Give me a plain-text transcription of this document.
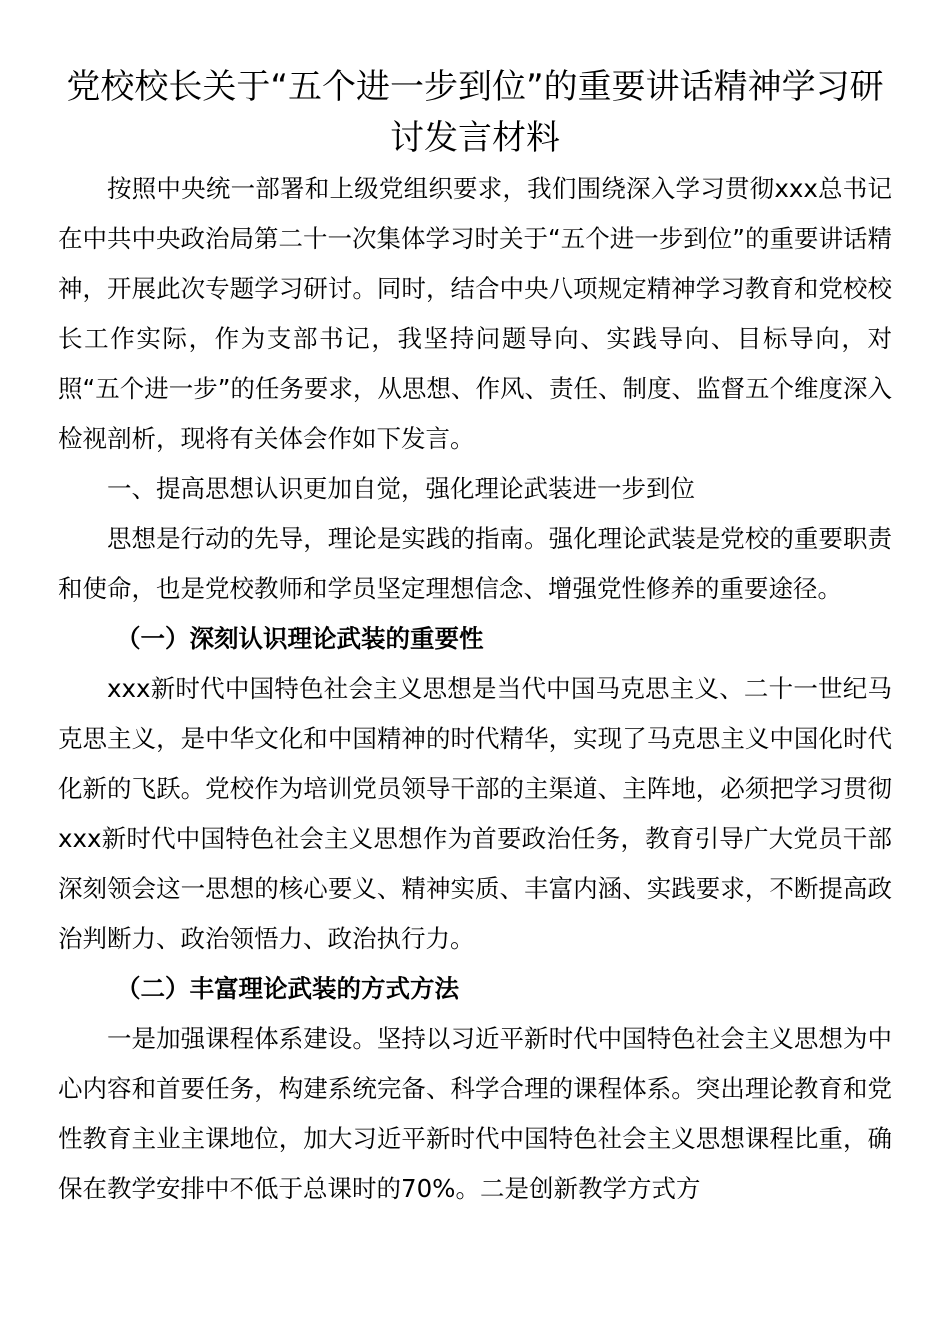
党校校长关于“五个进一步到位”的重要讲话精神学习研讨发言材料

按照中央统一部署和上级党组织要求，我们围绕深入学习贯彻xxx总书记在中共中央政治局第二十一次集体学习时关于“五个进一步到位”的重要讲话精神，开展此次专题学习研讨。同时，结合中央八项规定精神学习教育和党校校长工作实际，作为支部书记，我坚持问题导向、实践导向、目标导向，对照“五个进一步”的任务要求，从思想、作风、责任、制度、监督五个维度深入检视剖析，现将有关体会作如下发言。

一、提高思想认识更加自觉，强化理论武装进一步到位

思想是行动的先导，理论是实践的指南。强化理论武装是党校的重要职责和使命，也是党校教师和学员坚定理想信念、增强党性修养的重要途径。

（一）深刻认识理论武装的重要性

xxx新时代中国特色社会主义思想是当代中国马克思主义、二十一世纪马克思主义，是中华文化和中国精神的时代精华，实现了马克思主义中国化时代化新的飞跃。党校作为培训党员领导干部的主渠道、主阵地，必须把学习贯彻xxx新时代中国特色社会主义思想作为首要政治任务，教育引导广大党员干部深刻领会这一思想的核心要义、精神实质、丰富内涵、实践要求，不断提高政治判断力、政治领悟力、政治执行力。

（二）丰富理论武装的方式方法

一是加强课程体系建设。坚持以习近平新时代中国特色社会主义思想为中心内容和首要任务，构建系统完备、科学合理的课程体系。突出理论教育和党性教育主业主课地位，加大习近平新时代中国特色社会主义思想课程比重，确保在教学安排中不低于总课时的70%。二是创新教学方式方
